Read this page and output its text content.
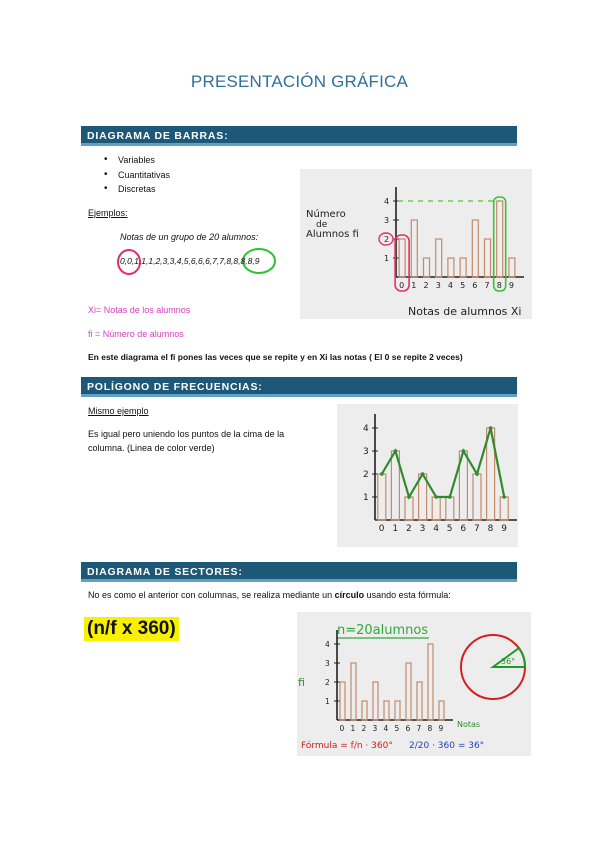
PRESENTACIÓN GRÁFICA
DIAGRAMA DE BARRAS:
• Variables
• Cuantitativas
• Discretas
Ejemplos:
Notas de un grupo de 20 alumnos:
0,0,1,1,1,2,3,3,4,5,6,6,6,7,7,8,8,8,8,9
Xi= Notas de los alumnos
fi = Número de alumnos
En este diagrama el fi pones las veces que se repite y en Xi las notas ( El 0 se repite 2 veces)
Número
de
Alumnos fi
Notas de alumnos Xi
1
2
3
4
0 1 2 3 4 5 6 7 8 9
POLÍGONO DE FRECUENCIAS:
Mismo ejemplo
Es igual pero uniendo los puntos de la cima de la columna. (Linea de color verde)
1
2
3
4
0 1 2 3 4 5 6 7 8 9
DIAGRAMA DE SECTORES:
No es como el anterior con columnas, se realiza mediante un círculo usando esta fórmula:
(n/f x 360)	n=20alumnos
36°
fi
Notas
Fórmula = f/n · 360° 2/20 · 360 = 36°
1
2
3
4
0 1 2 3 4 5 6 7 8 9
